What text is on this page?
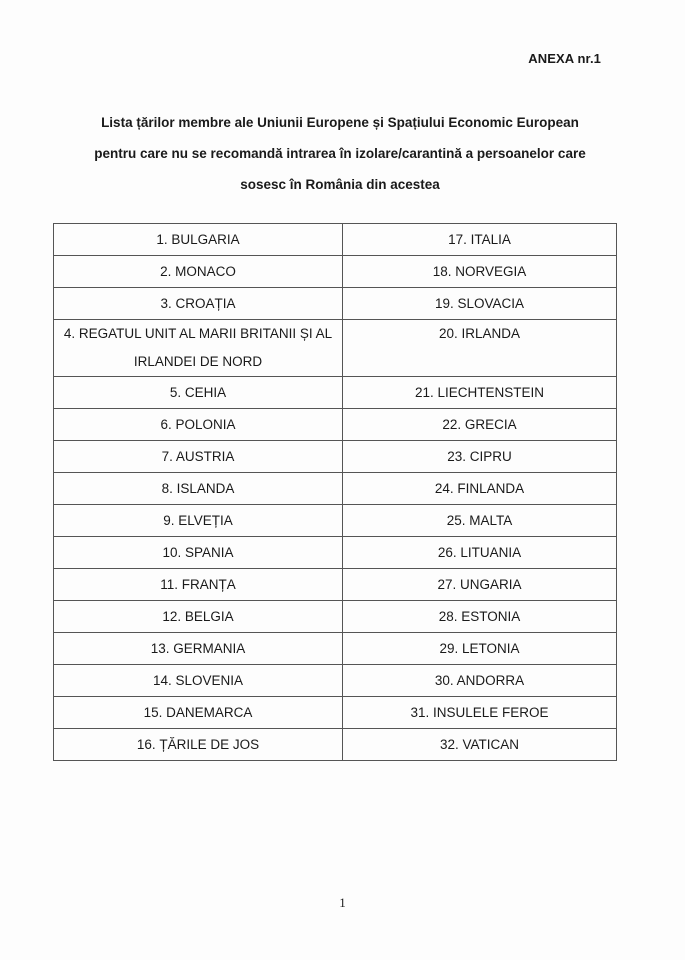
ANEXA nr.1
Lista țărilor membre ale Uniunii Europene și Spațiului Economic European
pentru care nu se recomandă intrarea în izolare/carantină a persoanelor care
sosesc în România din acestea
1. BULGARIA	17. ITALIA
2. MONACO	18. NORVEGIA
3. CROAȚIA	19. SLOVACIA
4. REGATUL UNIT AL MARII BRITANII ȘI AL IRLANDEI DE NORD	20. IRLANDA
5. CEHIA	21. LIECHTENSTEIN
6. POLONIA	22. GRECIA
7. AUSTRIA	23. CIPRU
8. ISLANDA	24. FINLANDA
9. ELVEȚIA	25. MALTA
10. SPANIA	26. LITUANIA
11. FRANȚA	27. UNGARIA
12. BELGIA	28. ESTONIA
13. GERMANIA	29. LETONIA
14. SLOVENIA	30. ANDORRA
15. DANEMARCA	31. INSULELE FEROE
16. ȚĂRILE DE JOS	32. VATICAN
1
